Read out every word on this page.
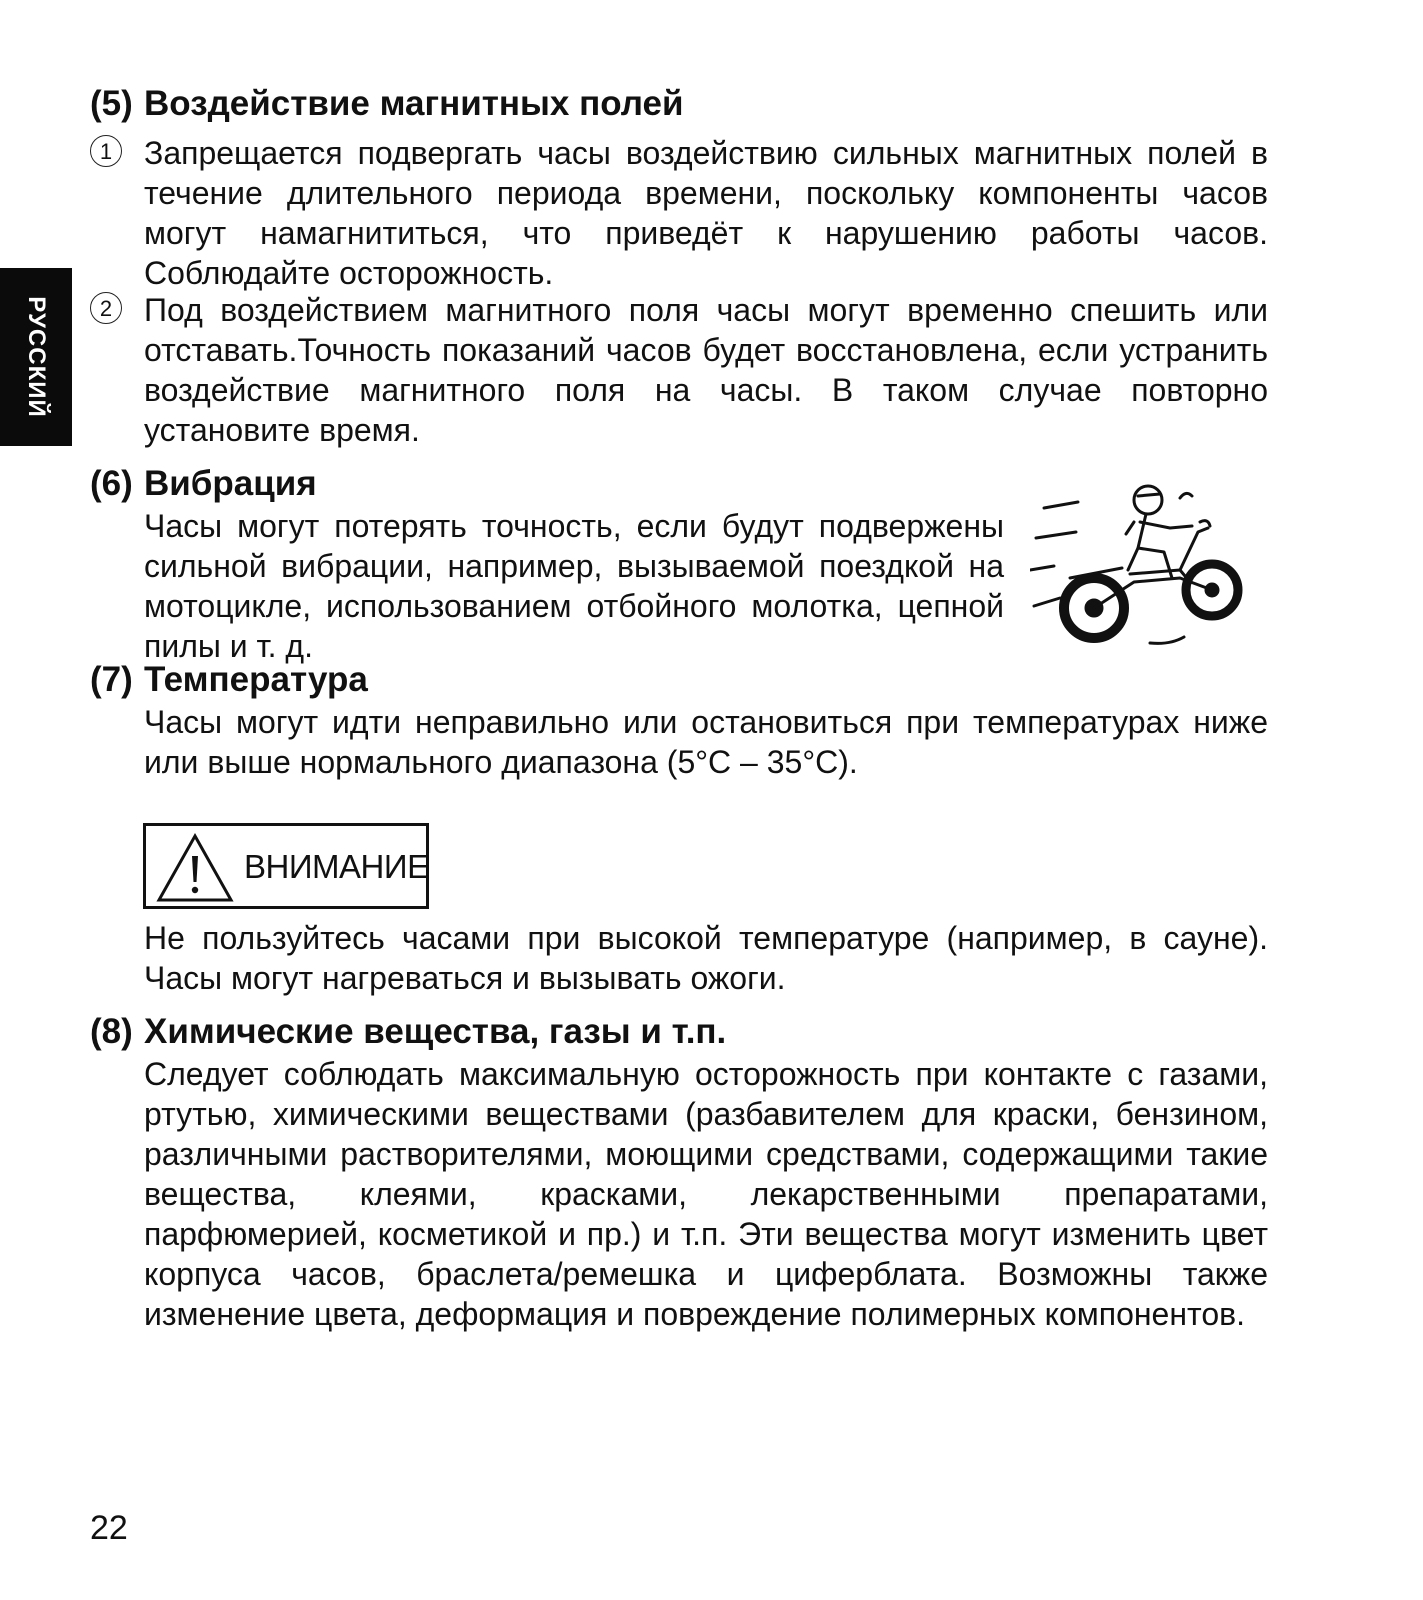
РУССКИЙ
(5) Воздействие магнитных полей
1 Запрещается подвергать часы воздействию сильных магнитных полей в течение длительного периода времени, поскольку компоненты часов могут намагнититься, что приведёт к нарушению работы часов. Соблюдайте осторожность.
2 Под воздействием магнитного поля часы могут временно спешить или отставать.Точность показаний часов будет восстановлена, если устранить воздействие магнитного поля на часы. В таком случае повторно установите время.
(6) Вибрация
Часы могут потерять точность, если будут подвержены сильной вибрации, например, вызываемой поездкой на мотоцикле, использованием отбойного молотка, цепной пилы и т. д.
(7) Температура
Часы могут идти неправильно или остановиться при температурах ниже или выше нормального диапазона (5°C – 35°C).
ВНИМАНИЕ
Не пользуйтесь часами при высокой температуре (например, в сауне). Часы могут нагреваться и вызывать ожоги.
(8) Химические вещества, газы и т.п.
Следует соблюдать максимальную осторожность при контакте с газами, ртутью, химическими веществами (разбавителем для краски, бензином, различными растворителями, моющими средствами, содержащими такие вещества, клеями, красками, лекарственными препаратами, парфюмерией, косметикой и пр.) и т.п. Эти вещества могут изменить цвет корпуса часов, браслета/ремешка и циферблата. Возможны также изменение цвета, деформация и повреждение полимерных компонентов.
22
